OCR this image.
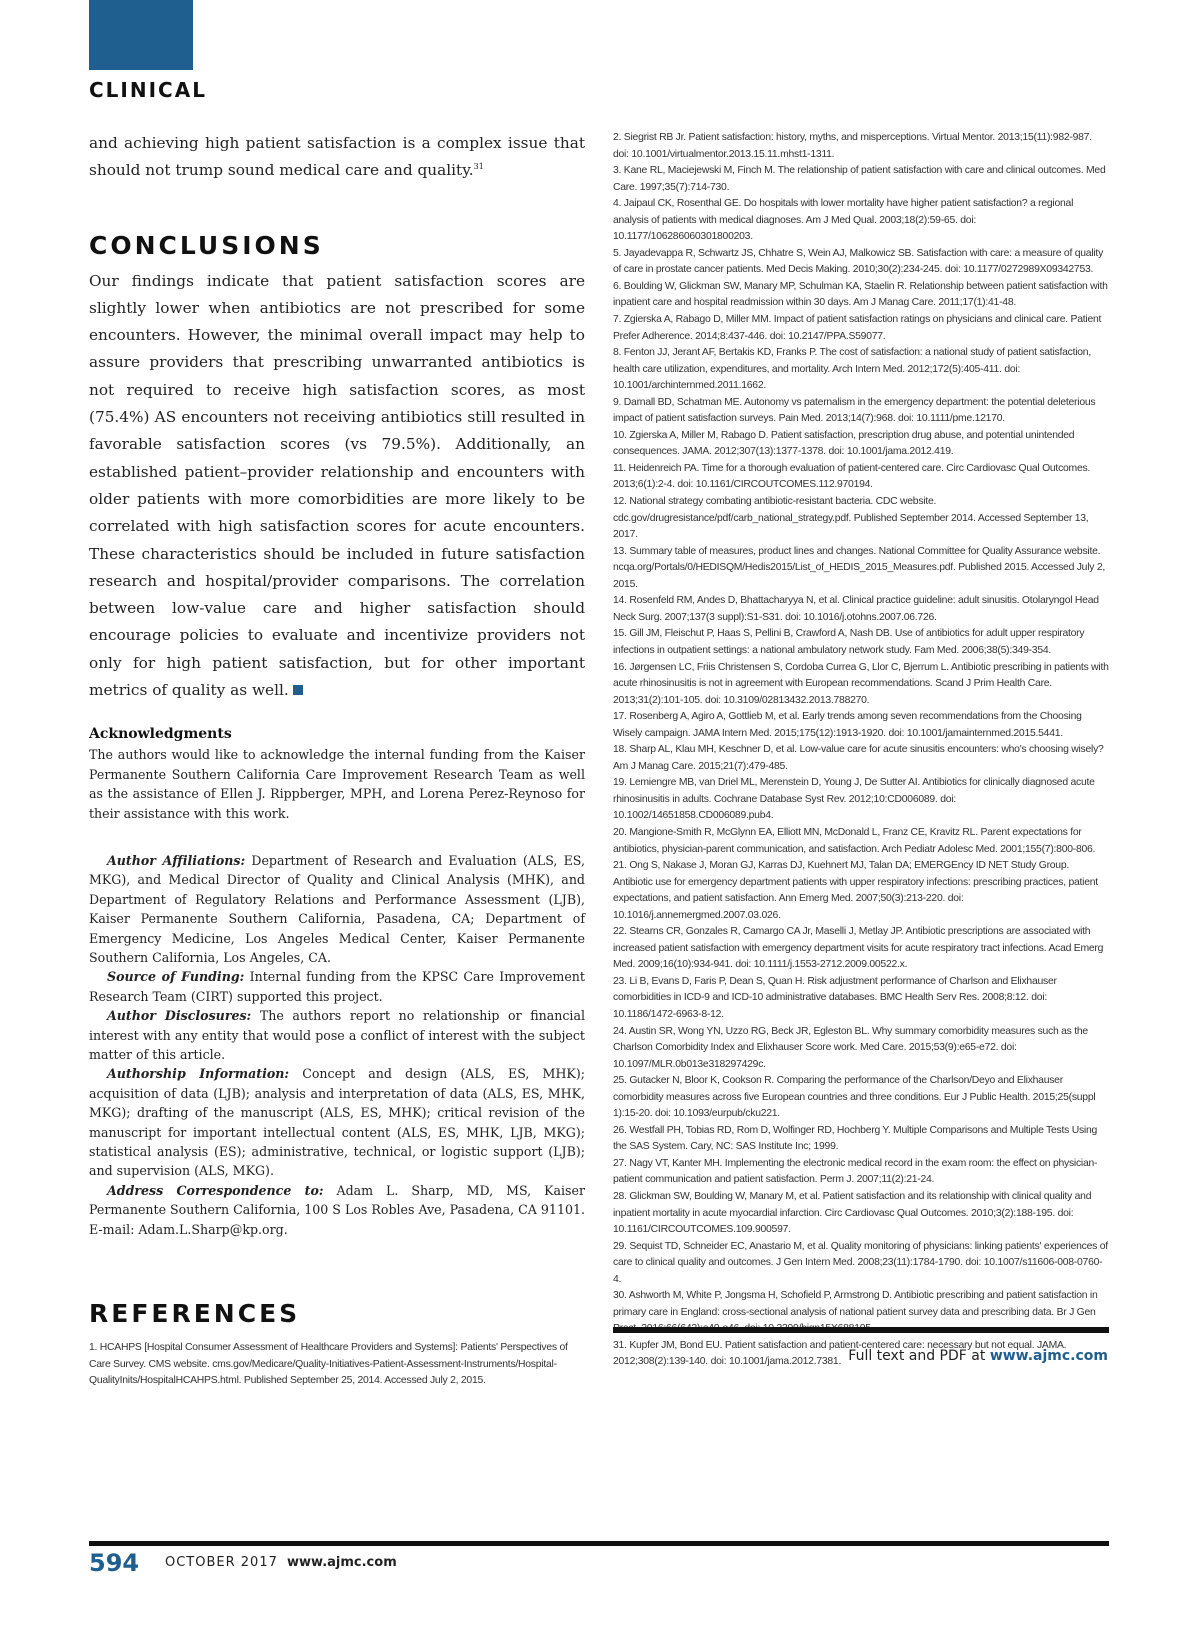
CLINICAL

and achieving high patient satisfaction is a complex issue that should not trump sound medical care and quality.$^{31}$

CONCLUSIONS

Our findings indicate that patient satisfaction scores are slightly lower when antibiotics are not prescribed for some encounters. However, the minimal overall impact may help to assure providers that prescribing unwarranted antibiotics is not required to receive high satisfaction scores, as most (75.4%) AS encounters not receiving antibiotics still resulted in favorable satisfaction scores (vs 79.5%). Additionally, an established patient–provider relationship and encounters with older patients with more comorbidities are more likely to be correlated with high satisfaction scores for acute encounters. These characteristics should be included in future satisfaction research and hospital/provider comparisons. The correlation between low-value care and higher satisfaction should encourage policies to evaluate and incentivize providers not only for high patient satisfaction, but for other important metrics of quality as well.

Acknowledgments

The authors would like to acknowledge the internal funding from the Kaiser Permanente Southern California Care Improvement Research Team as well as the assistance of Ellen J. Rippberger, MPH, and Lorena Perez-Reynoso for their assistance with this work.

Author Affiliations: Department of Research and Evaluation (ALS, ES, MKG), and Medical Director of Quality and Clinical Analysis (MHK), and Department of Regulatory Relations and Performance Assessment (LJB), Kaiser Permanente Southern California, Pasadena, CA; Department of Emergency Medicine, Los Angeles Medical Center, Kaiser Permanente Southern California, Los Angeles, CA.

Source of Funding: Internal funding from the KPSC Care Improvement Research Team (CIRT) supported this project.

Author Disclosures: The authors report no relationship or financial interest with any entity that would pose a conflict of interest with the subject matter of this article.

Authorship Information: Concept and design (ALS, ES, MHK); acquisition of data (LJB); analysis and interpretation of data (ALS, ES, MHK, MKG); drafting of the manuscript (ALS, ES, MHK); critical revision of the manuscript for important intellectual content (ALS, ES, MHK, LJB, MKG); statistical analysis (ES); administrative, technical, or logistic support (LJB); and supervision (ALS, MKG).

Address Correspondence to: Adam L. Sharp, MD, MS, Kaiser Permanente Southern California, 100 S Los Robles Ave, Pasadena, CA 91101. E-mail: Adam.L.Sharp@kp.org.

REFERENCES
1. HCAHPS [Hospital Consumer Assessment of Healthcare Providers and Systems]: Patients' Perspectives of Care Survey. CMS website. cms.gov/Medicare/Quality-Initiatives-Patient-Assessment-Instruments/Hospital-QualityInits/HospitalHCAHPS.html. Published September 25, 2014. Accessed July 2, 2015.
2. Siegrist RB Jr. Patient satisfaction: history, myths, and misperceptions. Virtual Mentor. 2013;15(11):982-987. doi: 10.1001/virtualmentor.2013.15.11.mhst1-1311.
3. Kane RL, Maciejewski M, Finch M. The relationship of patient satisfaction with care and clinical outcomes. Med Care. 1997;35(7):714-730.
4. Jaipaul CK, Rosenthal GE. Do hospitals with lower mortality have higher patient satisfaction? a regional analysis of patients with medical diagnoses. Am J Med Qual. 2003;18(2):59-65. doi: 10.1177/106286060301800203.
5. Jayadevappa R, Schwartz JS, Chhatre S, Wein AJ, Malkowicz SB. Satisfaction with care: a measure of quality of care in prostate cancer patients. Med Decis Making. 2010;30(2):234-245. doi: 10.1177/0272989X09342753.
6. Boulding W, Glickman SW, Manary MP, Schulman KA, Staelin R. Relationship between patient satisfaction with inpatient care and hospital readmission within 30 days. Am J Manag Care. 2011;17(1):41-48.
7. Zgierska A, Rabago D, Miller MM. Impact of patient satisfaction ratings on physicians and clinical care. Patient Prefer Adherence. 2014;8:437-446. doi: 10.2147/PPA.S59077.
8. Fenton JJ, Jerant AF, Bertakis KD, Franks P. The cost of satisfaction: a national study of patient satisfaction, health care utilization, expenditures, and mortality. Arch Intern Med. 2012;172(5):405-411. doi: 10.1001/archinternmed.2011.1662.
9. Darnall BD, Schatman ME. Autonomy vs paternalism in the emergency department: the potential deleterious impact of patient satisfaction surveys. Pain Med. 2013;14(7):968. doi: 10.1111/pme.12170.
10. Zgierska A, Miller M, Rabago D. Patient satisfaction, prescription drug abuse, and potential unintended consequences. JAMA. 2012;307(13):1377-1378. doi: 10.1001/jama.2012.419.
11. Heidenreich PA. Time for a thorough evaluation of patient-centered care. Circ Cardiovasc Qual Outcomes. 2013;6(1):2-4. doi: 10.1161/CIRCOUTCOMES.112.970194.
12. National strategy combating antibiotic-resistant bacteria. CDC website. cdc.gov/drugresistance/pdf/carb_national_strategy.pdf. Published September 2014. Accessed September 13, 2017.
13. Summary table of measures, product lines and changes. National Committee for Quality Assurance website. ncqa.org/Portals/0/HEDISQM/Hedis2015/List_of_HEDIS_2015_Measures.pdf. Published 2015. Accessed July 2, 2015.
14. Rosenfeld RM, Andes D, Bhattacharyya N, et al. Clinical practice guideline: adult sinusitis. Otolaryngol Head Neck Surg. 2007;137(3 suppl):S1-S31. doi: 10.1016/j.otohns.2007.06.726.
15. Gill JM, Fleischut P, Haas S, Pellini B, Crawford A, Nash DB. Use of antibiotics for adult upper respiratory infections in outpatient settings: a national ambulatory network study. Fam Med. 2006;38(5):349-354.
16. Jørgensen LC, Friis Christensen S, Cordoba Currea G, Llor C, Bjerrum L. Antibiotic prescribing in patients with acute rhinosinusitis is not in agreement with European recommendations. Scand J Prim Health Care. 2013;31(2):101-105. doi: 10.3109/02813432.2013.788270.
17. Rosenberg A, Agiro A, Gottlieb M, et al. Early trends among seven recommendations from the Choosing Wisely campaign. JAMA Intern Med. 2015;175(12):1913-1920. doi: 10.1001/jamainternmed.2015.5441.
18. Sharp AL, Klau MH, Keschner D, et al. Low-value care for acute sinusitis encounters: who's choosing wisely? Am J Manag Care. 2015;21(7):479-485.
19. Lemiengre MB, van Driel ML, Merenstein D, Young J, De Sutter AI. Antibiotics for clinically diagnosed acute rhinosinusitis in adults. Cochrane Database Syst Rev. 2012;10:CD006089. doi: 10.1002/14651858.CD006089.pub4.
20. Mangione-Smith R, McGlynn EA, Elliott MN, McDonald L, Franz CE, Kravitz RL. Parent expectations for antibiotics, physician-parent communication, and satisfaction. Arch Pediatr Adolesc Med. 2001;155(7):800-806.
21. Ong S, Nakase J, Moran GJ, Karras DJ, Kuehnert MJ, Talan DA; EMERGEncy ID NET Study Group. Antibiotic use for emergency department patients with upper respiratory infections: prescribing practices, patient expectations, and patient satisfaction. Ann Emerg Med. 2007;50(3):213-220. doi: 10.1016/j.annemergmed.2007.03.026.
22. Stearns CR, Gonzales R, Camargo CA Jr, Maselli J, Metlay JP. Antibiotic prescriptions are associated with increased patient satisfaction with emergency department visits for acute respiratory tract infections. Acad Emerg Med. 2009;16(10):934-941. doi: 10.1111/j.1553-2712.2009.00522.x.
23. Li B, Evans D, Faris P, Dean S, Quan H. Risk adjustment performance of Charlson and Elixhauser comorbidities in ICD-9 and ICD-10 administrative databases. BMC Health Serv Res. 2008;8:12. doi: 10.1186/1472-6963-8-12.
24. Austin SR, Wong YN, Uzzo RG, Beck JR, Egleston BL. Why summary comorbidity measures such as the Charlson Comorbidity Index and Elixhauser Score work. Med Care. 2015;53(9):e65-e72. doi: 10.1097/MLR.0b013e318297429c.
25. Gutacker N, Bloor K, Cookson R. Comparing the performance of the Charlson/Deyo and Elixhauser comorbidity measures across five European countries and three conditions. Eur J Public Health. 2015;25(suppl 1):15-20. doi: 10.1093/eurpub/cku221.
26. Westfall PH, Tobias RD, Rom D, Wolfinger RD, Hochberg Y. Multiple Comparisons and Multiple Tests Using the SAS System. Cary, NC: SAS Institute Inc; 1999.
27. Nagy VT, Kanter MH. Implementing the electronic medical record in the exam room: the effect on physician-patient communication and patient satisfaction. Perm J. 2007;11(2):21-24.
28. Glickman SW, Boulding W, Manary M, et al. Patient satisfaction and its relationship with clinical quality and inpatient mortality in acute myocardial infarction. Circ Cardiovasc Qual Outcomes. 2010;3(2):188-195. doi: 10.1161/CIRCOUTCOMES.109.900597.
29. Sequist TD, Schneider EC, Anastario M, et al. Quality monitoring of physicians: linking patients' experiences of care to clinical quality and outcomes. J Gen Intern Med. 2008;23(11):1784-1790. doi: 10.1007/s11606-008-0760-4.
30. Ashworth M, White P, Jongsma H, Schofield P, Armstrong D. Antibiotic prescribing and patient satisfaction in primary care in England: cross-sectional analysis of national patient survey data and prescribing data. Br J Gen
31. Kupfer JM, Bond EU. Patient satisfaction and patient-centered care: necessary but not equal. JAMA. 2012;308(2):139-140. doi: 10.1001/jama.2012.7381. Full text and PDF at www.ajmc.com
594 OCTOBER 2017 www.ajmc.com
